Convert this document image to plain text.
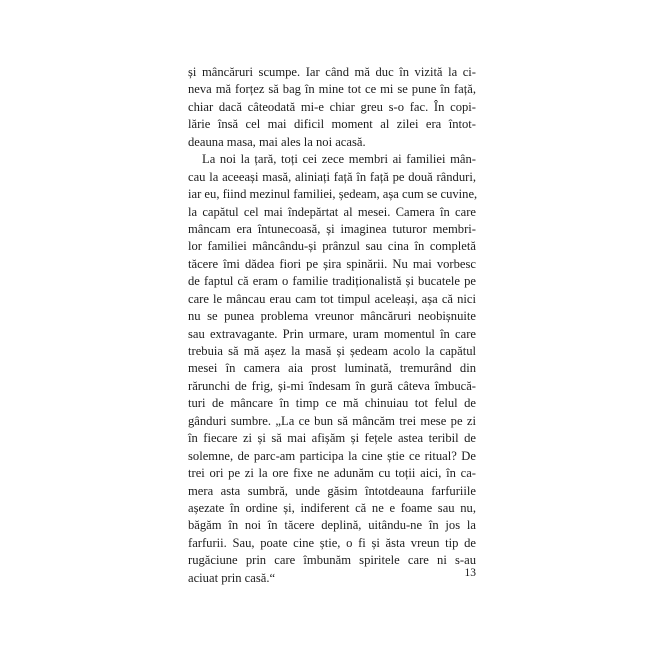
și mâncăruri scumpe. Iar când mă duc în vizită la ci-
neva mă forțez să bag în mine tot ce mi se pune în față,
chiar dacă câteodată mi-e chiar greu s-o fac. În copi-
lărie însă cel mai dificil moment al zilei era întot-
deauna masa, mai ales la noi acasă.
La noi la țară, toți cei zece membri ai familiei mân-
cau la aceeași masă, aliniați față în față pe două rânduri,
iar eu, fiind mezinul familiei, ședeam, așa cum se cuvine,
la capătul cel mai îndepărtat al mesei. Camera în care
mâncam era întunecoasă, și imaginea tuturor membri-
lor familiei mâncându-și prânzul sau cina în completă
tăcere îmi dădea fiori pe șira spinării. Nu mai vorbesc
de faptul că eram o familie tradiționalistă și bucatele pe
care le mâncau erau cam tot timpul aceleași, așa că nici
nu se punea problema vreunor mâncăruri neobișnuite
sau extravagante. Prin urmare, uram momentul în care
trebuia să mă așez la masă și ședeam acolo la capătul
mesei în camera aia prost luminată, tremurând din
rărunchi de frig, și-mi îndesam în gură câteva îmbucă-
turi de mâncare în timp ce mă chinuiau tot felul de
gânduri sumbre. „La ce bun să mâncăm trei mese pe zi
în fiecare zi și să mai afișăm și fețele astea teribil de
solemne, de parc-am participa la cine știe ce ritual? De
trei ori pe zi la ore fixe ne adunăm cu toții aici, în ca-
mera asta sumbră, unde găsim întotdeauna farfuriile
așezate în ordine și, indiferent că ne e foame sau nu,
băgăm în noi în tăcere deplină, uitându-ne în jos la
farfurii. Sau, poate cine știe, o fi și ăsta vreun tip de
rugăciune prin care îmbunăm spiritele care ni s-au
aciuat prin casă.“	13
